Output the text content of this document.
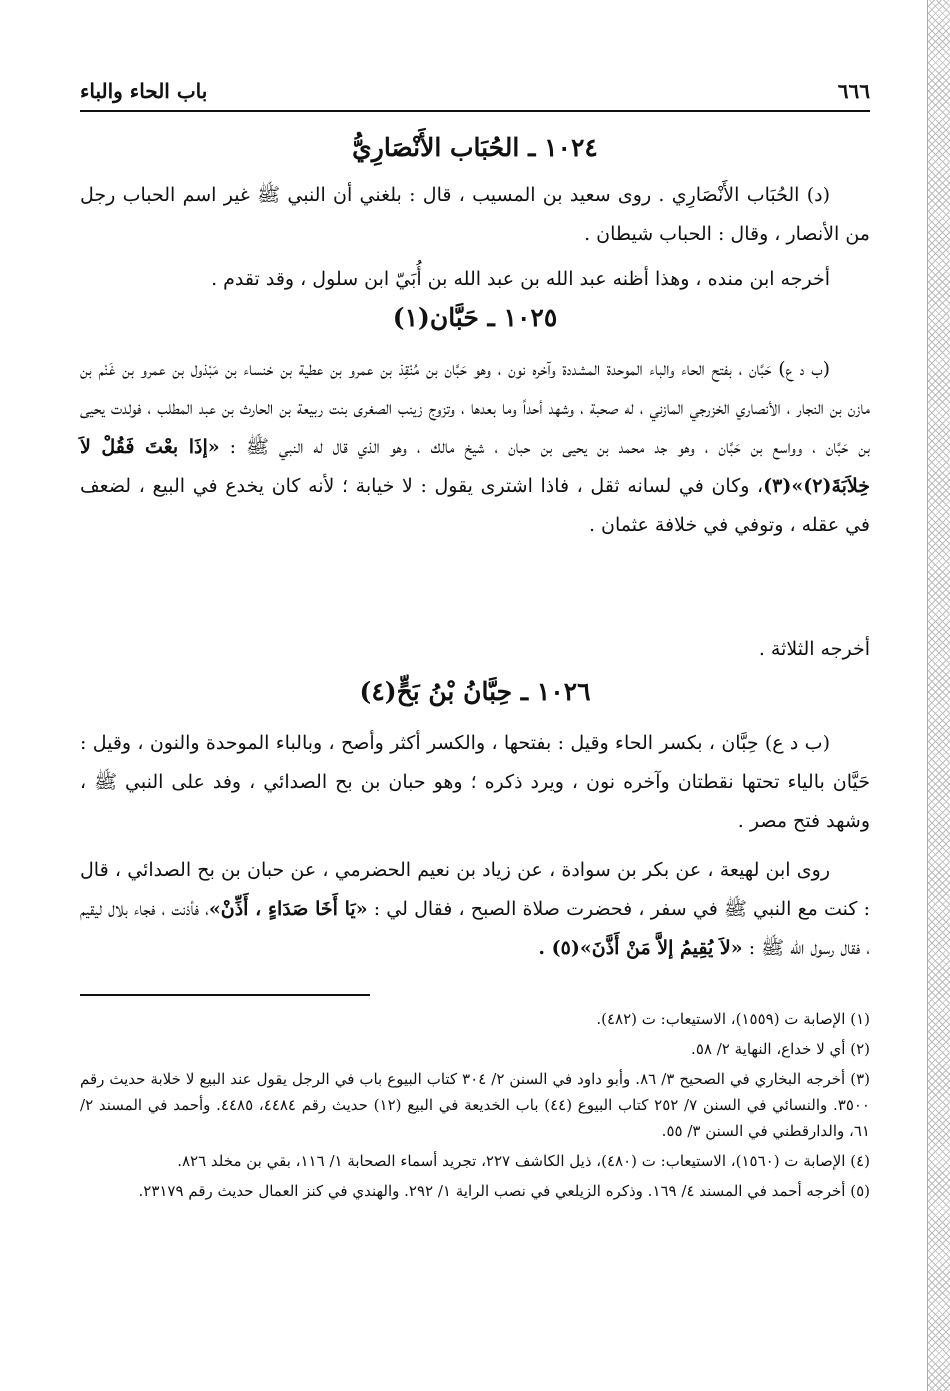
٦٦٦
باب الحاء والباء
١٠٢٤ ـ الحُبَاب الأَنْصَارِيُّ

(د) الحُبَاب الأَنْصَارِي . روى سعيد بن المسيب ، قال : بلغني أن النبي ﷺ غير اسم الحباب رجل من الأنصار ، وقال : الحباب شيطان .

أخرجه ابن منده ، وهذا أظنه عبد الله بن عبد الله بن أُبَيّ ابن سلول ، وقد تقدم .

١٠٢٥ ـ حَبَّان(١)

(ب د ع) حَبَّان ، بفتح الحاء والباء الموحدة المشددة وآخره نون ، وهو حَبَّان بن مُنْقِذ بن عمرو بن عطية بن خنساء بن مَبْذول بن عمرو بن غَنْم بن مازن بن النجار ، الأنصاري الخزرجي المازني ، له صحبة ، وشهد أحداً وما بعدها ، وتزوج زينب الصغرى بنت ربيعة بن الحارث بن عبد المطلب ، فولدت يحيى بن حَبَّان ، وواسع بن حَبَّان ، وهو جد محمد بن يحيى بن حبان ، شيخ مالك ، وهو الذي قال له النبي ﷺ : «إذَا بعْتَ فَقُلْ لاَ خِلاَبَةَ(٢)»(٣)، وكان في لسانه ثقل ، فاذا اشترى يقول : لا خيابة ؛ لأنه كان يخدع في البيع ، لضعف في عقله ، وتوفي في خلافة عثمان .

أخرجه الثلاثة .

١٠٢٦ ـ حِبَّانُ بْنُ بَحٍّ(٤)

(ب د ع) حِبَّان ، بكسر الحاء وقيل : بفتحها ، والكسر أكثر وأصح ، وبالباء الموحدة والنون ، وقيل : حَيَّان بالياء تحتها نقطتان وآخره نون ، ويرد ذكره ؛ وهو حبان بن بح الصدائي ، وفد على النبي ﷺ ، وشهد فتح مصر .

روى ابن لهيعة ، عن بكر بن سوادة ، عن زياد بن نعيم الحضرمي ، عن حبان بن بح الصدائي ، قال : كنت مع النبي ﷺ في سفر ، فحضرت صلاة الصبح ، فقال لي : «يَا أَخَا صَدَاءٍ ، أَذِّنْ»، فأذنت ، فجاء بلال ليقيم ، فقال رسول الله ﷺ : «لاَ يُقِيمُ إلاَّ مَنْ أَذَّنَ»(٥) .

(١) الإصابة ت (١٥٥٩)، الاستيعاب: ت (٤٨٢).
(٢) أي لا خداع، النهاية ٢/ ٥٨.
(٣) أخرجه البخاري في الصحيح ٣/ ٨٦. وأبو داود في السنن ٢/ ٣٠٤ كتاب البيوع باب في الرجل يقول عند البيع لا خلابة حديث رقم ٣٥٠٠. والنسائي في السنن ٧/ ٢٥٢ كتاب البيوع (٤٤) باب الخديعة في البيع (١٢) حديث رقم ٤٤٨٤، ٤٤٨٥. وأحمد في المسند ٢/ ٦١، والدارقطني في السنن ٣/ ٥٥.
(٤) الإصابة ت (١٥٦٠)، الاستيعاب: ت (٤٨٠)، ذيل الكاشف ٢٢٧، تجريد أسماء الصحابة ١/ ١١٦، بقي بن مخلد ٨٢٦.
(٥) أخرجه أحمد في المسند ٤/ ١٦٩. وذكره الزيلعي في نصب الراية ١/ ٢٩٢. والهندي في كنز العمال حديث رقم ٢٣١٧٩.
